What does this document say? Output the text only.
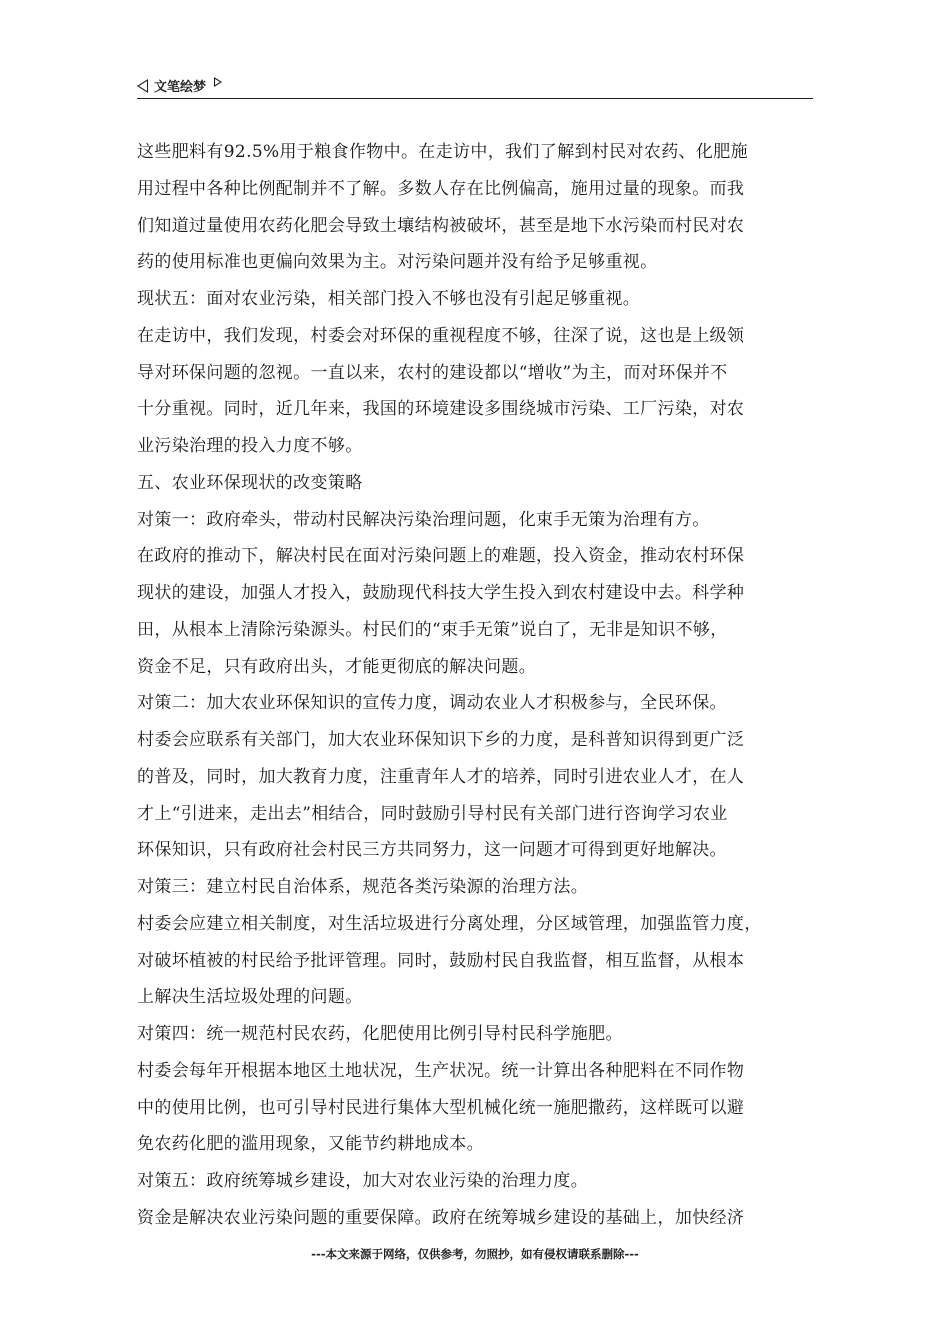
文笔绘梦
这些肥料有92.5%用于粮食作物中。在走访中，我们了解到村民对农药、化肥施
用过程中各种比例配制并不了解。多数人存在比例偏高，施用过量的现象。而我
们知道过量使用农药化肥会导致土壤结构被破坏，甚至是地下水污染而村民对农
药的使用标准也更偏向效果为主。对污染问题并没有给予足够重视。
现状五：面对农业污染，相关部门投入不够也没有引起足够重视。
在走访中，我们发现，村委会对环保的重视程度不够，往深了说，这也是上级领
导对环保问题的忽视。一直以来，农村的建设都以“增收”为主，而对环保并不
十分重视。同时，近几年来，我国的环境建设多围绕城市污染、工厂污染，对农
业污染治理的投入力度不够。
五、农业环保现状的改变策略
对策一：政府牵头，带动村民解决污染治理问题，化束手无策为治理有方。
在政府的推动下，解决村民在面对污染问题上的难题，投入资金，推动农村环保
现状的建设，加强人才投入，鼓励现代科技大学生投入到农村建设中去。科学种
田，从根本上清除污染源头。村民们的“束手无策”说白了，无非是知识不够，
资金不足，只有政府出头，才能更彻底的解决问题。
对策二：加大农业环保知识的宣传力度，调动农业人才积极参与，全民环保。
村委会应联系有关部门，加大农业环保知识下乡的力度，是科普知识得到更广泛
的普及，同时，加大教育力度，注重青年人才的培养，同时引进农业人才，在人
才上“引进来，走出去”相结合，同时鼓励引导村民有关部门进行咨询学习农业
环保知识，只有政府社会村民三方共同努力，这一问题才可得到更好地解决。
对策三：建立村民自治体系，规范各类污染源的治理方法。
村委会应建立相关制度，对生活垃圾进行分离处理，分区域管理，加强监管力度，
对破坏植被的村民给予批评管理。同时，鼓励村民自我监督，相互监督，从根本
上解决生活垃圾处理的问题。
对策四：统一规范村民农药，化肥使用比例引导村民科学施肥。
村委会每年开根据本地区土地状况，生产状况。统一计算出各种肥料在不同作物
中的使用比例，也可引导村民进行集体大型机械化统一施肥撒药，这样既可以避
免农药化肥的滥用现象，又能节约耕地成本。
对策五：政府统筹城乡建设，加大对农业污染的治理力度。
资金是解决农业污染问题的重要保障。政府在统筹城乡建设的基础上，加快经济
---本文来源于网络，仅供参考，勿照抄，如有侵权请联系删除---
